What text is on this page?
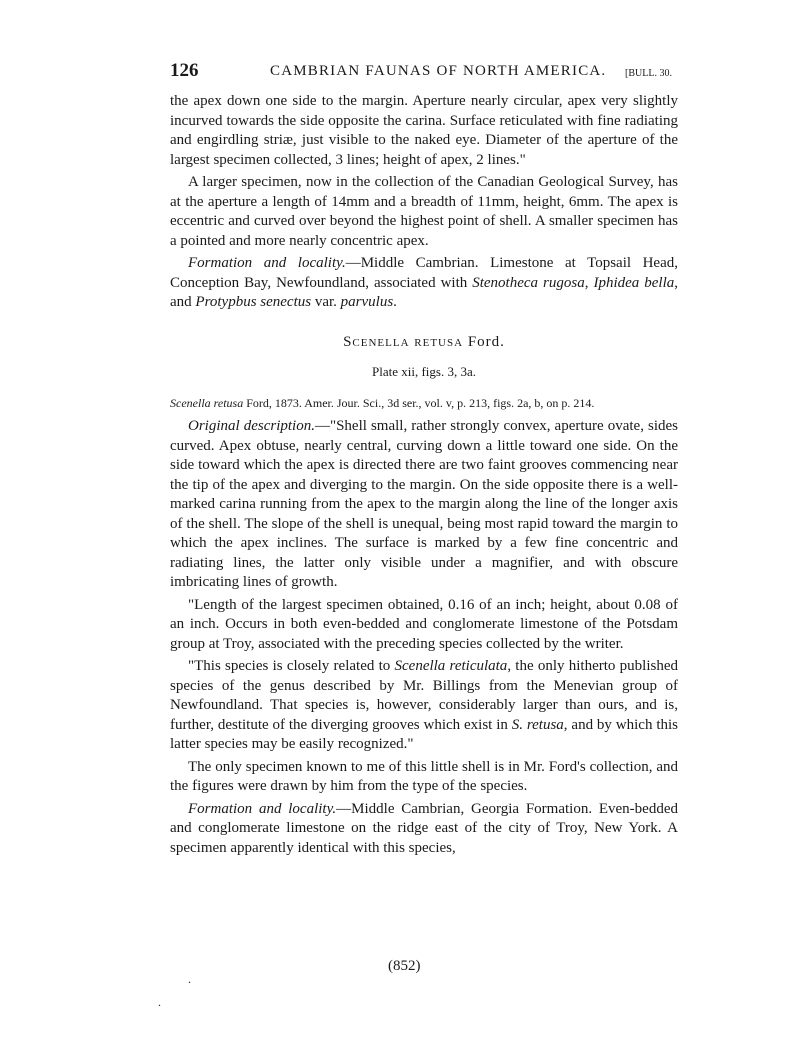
126	CAMBRIAN FAUNAS OF NORTH AMERICA. [BULL. 30.

the apex down one side to the margin. Aperture nearly circular, apex very slightly incurved towards the side opposite the carina. Surface reticulated with fine radiating and engirdling striæ, just visible to the naked eye. Diameter of the aperture of the largest specimen collected, 3 lines; height of apex, 2 lines."

A larger specimen, now in the collection of the Canadian Geological Survey, has at the aperture a length of 14mm and a breadth of 11mm, height, 6mm. The apex is eccentric and curved over beyond the highest point of shell. A smaller specimen has a pointed and more nearly concentric apex.

Formation and locality.—Middle Cambrian. Limestone at Topsail Head, Conception Bay, Newfoundland, associated with Stenotheca rugosa, Iphidea bella, and Protypbus senectus var. parvulus.

Scenella retusa Ford.

Plate xii, figs. 3, 3a.

Scenella retusa Ford, 1873. Amer. Jour. Sci., 3d ser., vol. v, p. 213, figs. 2a, b, on p. 214.

Original description.—"Shell small, rather strongly convex, aperture ovate, sides curved. Apex obtuse, nearly central, curving down a little toward one side. On the side toward which the apex is directed there are two faint grooves commencing near the tip of the apex and diverging to the margin. On the side opposite there is a well-marked carina running from the apex to the margin along the line of the longer axis of the shell. The slope of the shell is unequal, being most rapid toward the margin to which the apex inclines. The surface is marked by a few fine concentric and radiating lines, the latter only visible under a magnifier, and with obscure imbricating lines of growth.

"Length of the largest specimen obtained, 0.16 of an inch; height, about 0.08 of an inch. Occurs in both even-bedded and conglomerate limestone of the Potsdam group at Troy, associated with the preceding species collected by the writer.

"This species is closely related to Scenella reticulata, the only hitherto published species of the genus described by Mr. Billings from the Menevian group of Newfoundland. That species is, however, considerably larger than ours, and is, further, destitute of the diverging grooves which exist in S. retusa, and by which this latter species may be easily recognized."

The only specimen known to me of this little shell is in Mr. Ford's collection, and the figures were drawn by him from the type of the species.

Formation and locality.—Middle Cambrian, Georgia Formation. Even-bedded and conglomerate limestone on the ridge east of the city of Troy, New York. A specimen apparently identical with this species,

(852)
.
.
